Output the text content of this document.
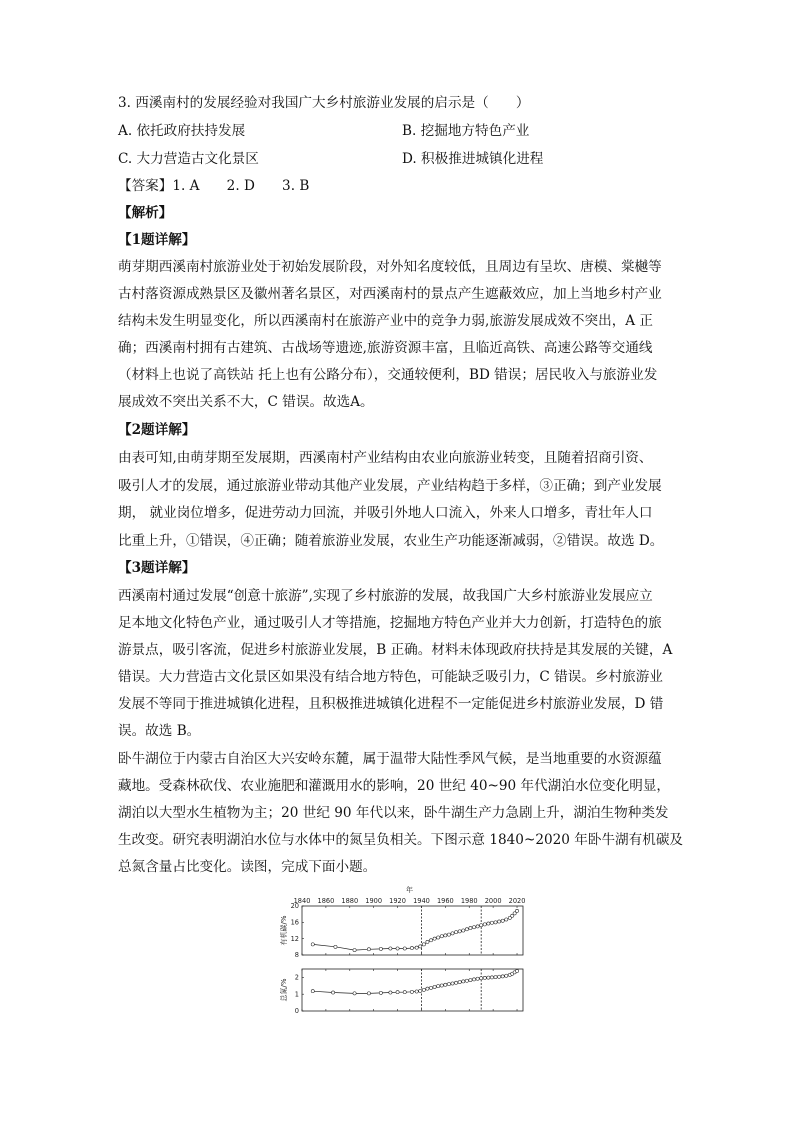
3. 西溪南村的发展经验对我国广大乡村旅游业发展的启示是（　　）
A. 依托政府扶持发展	B. 挖掘地方特色产业
C. 大力营造古文化景区	D. 积极推进城镇化进程
【答案】1. A　　2. D　　3. B
【解析】
【1题详解】
萌芽期西溪南村旅游业处于初始发展阶段，对外知名度较低，且周边有呈坎、唐模、棠樾等
古村落资源成熟景区及徽州著名景区，对西溪南村的景点产生遮蔽效应，加上当地乡村产业
结构未发生明显变化，所以西溪南村在旅游产业中的竞争力弱,旅游发展成效不突出，A 正
确；西溪南村拥有古建筑、古战场等遗迹,旅游资源丰富，且临近高铁、高速公路等交通线
（材料上也说了高铁站 托上也有公路分布），交通较便利，BD 错误；居民收入与旅游业发
展成效不突出关系不大，C 错误。故选A。
【2题详解】
由表可知,由萌芽期至发展期，西溪南村产业结构由农业向旅游业转变，且随着招商引资、
吸引人才的发展，通过旅游业带动其他产业发展，产业结构趋于多样，③正确；到产业发展
期， 就业岗位增多，促进劳动力回流，并吸引外地人口流入，外来人口增多，青壮年人口
比重上升，①错误，④正确；随着旅游业发展，农业生产功能逐渐减弱，②错误。故选 D。
【3题详解】
西溪南村通过发展“创意十旅游”,实现了乡村旅游的发展，故我国广大乡村旅游业发展应立
足本地文化特色产业，通过吸引人才等措施，挖掘地方特色产业并大力创新，打造特色的旅
游景点，吸引客流，促进乡村旅游业发展，B 正确。材料未体现政府扶持是其发展的关键，A
错误。大力营造古文化景区如果没有结合地方特色，可能缺乏吸引力，C 错误。乡村旅游业
发展不等同于推进城镇化进程，且积极推进城镇化进程不一定能促进乡村旅游业发展，D 错
误。故选 B。
卧牛湖位于内蒙古自治区大兴安岭东麓，属于温带大陆性季风气候，是当地重要的水资源蕴
藏地。受森林砍伐、农业施肥和灌溉用水的影响，20 世纪 40~90 年代湖泊水位变化明显，
湖泊以大型水生植物为主；20 世纪 90 年代以来，卧牛湖生产力急剧上升，湖泊生物种类发
生改变。研究表明湖泊水位与水体中的氮呈负相关。下图示意 1840~2020 年卧牛湖有机碳及
总氮含量占比变化。读图，完成下面小题。
1840 1860 1880 1900 1920 1940 1960 1980 2000 2020
年
8
12
16
20
有机碳/%
0
1
2
总氮/%
